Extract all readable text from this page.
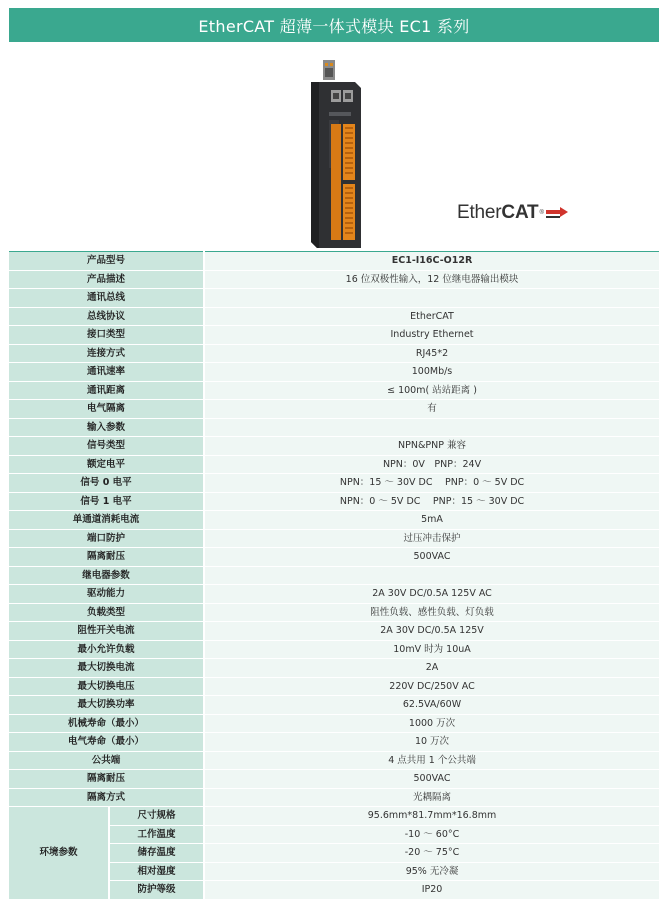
EtherCAT 超薄一体式模块 EC1 系列
Ether CAT ®
产品型号		EC1-I16C-O12R
产品描述		16 位双极性输入，12 位继电器输出模块
通讯总线		
总线协议		EtherCAT
接口类型		Industry Ethernet
连接方式		RJ45*2
通讯速率		100Mb/s
通讯距离		≤ 100m( 站站距离 )
电气隔离		有
输入参数		
信号类型		NPN&PNP 兼容
额定电平		NPN：0V　PNP：24V
信号 0 电平		NPN：15 ～ 30V DC　 PNP：0 ～ 5V DC
信号 1 电平		NPN：0 ～ 5V DC　 PNP：15 ～ 30V DC
单通道消耗电流		5mA
端口防护		过压冲击保护
隔离耐压		500VAC
继电器参数		
驱动能力		2A 30V DC/0.5A 125V AC
负载类型		阻性负载、感性负载、灯负载
阻性开关电流		2A 30V DC/0.5A 125V
最小允许负载		10mV 时为 10uA
最大切换电流		2A
最大切换电压		220V DC/250V AC
最大切换功率		62.5VA/60W
机械寿命（最小）		1000 万次
电气寿命（最小）		10 万次
公共端		4 点共用 1 个公共端
隔离耐压		500VAC
隔离方式		光耦隔离
环境参数	尺寸规格	95.6mm*81.7mm*16.8mm
	工作温度	-10 ～ 60°C
	储存温度	-20 ～ 75°C
	相对湿度	95% 无冷凝
	防护等级	IP20
